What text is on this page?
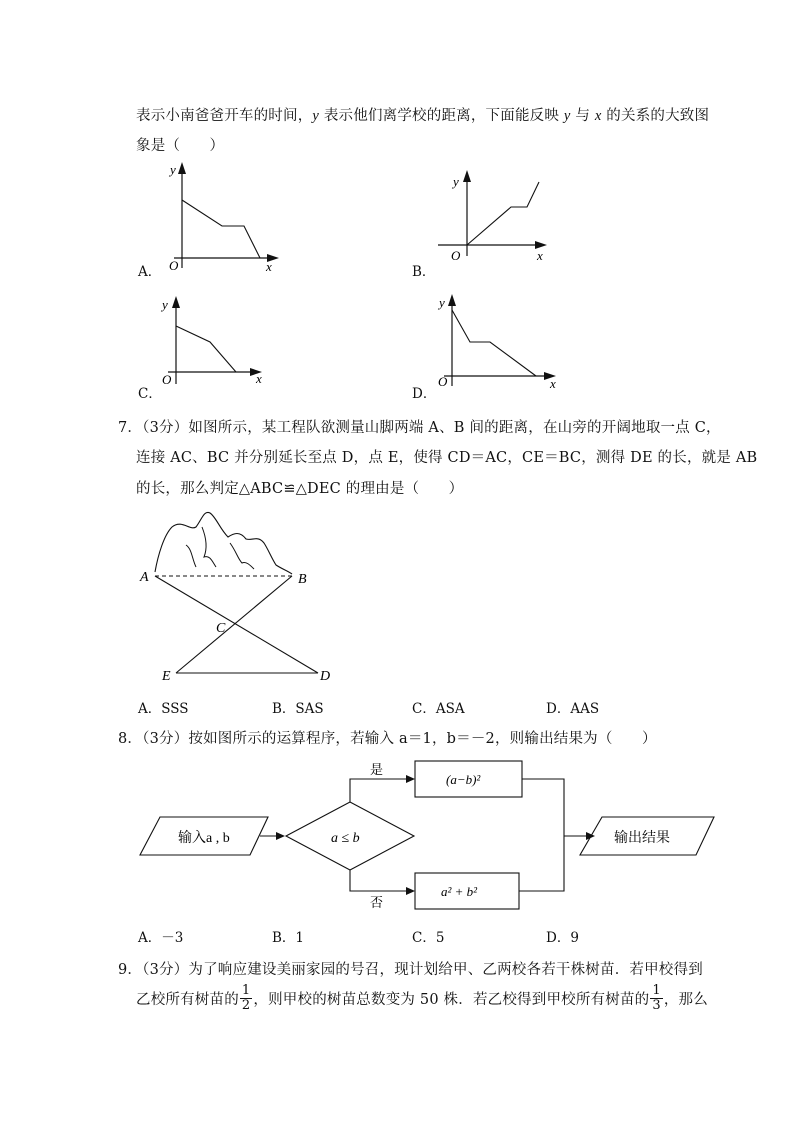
表示小南爸爸开车的时间，y 表示他们离学校的距离，下面能反映 y 与 x 的关系的大致图
象是（　　）
A．
y
O	x	B．
y
O	x
C．
y
O	x
D．
y
O	x
7．（3分）如图所示，某工程队欲测量山脚两端 A、B 间的距离，在山旁的开阔地取一点 C，
连接 AC、BC 并分别延长至点 D，点 E，使得 CD＝AC，CE＝BC，测得 DE 的长，就是 AB
的长，那么判定△ABC≌△DEC 的理由是（　　）
A	B
C
E	D
A．SSS	B．SAS	C．ASA	D．AAS
8．（3分）按如图所示的运算程序，若输入 a＝1，b＝－2，则输出结果为（　　）
输入a , b	a ≤ b
是
(a−b)²
否
a² + b²
输出结果
A．－3	B．1	C．5	D．9
9．（3分）为了响应建设美丽家园的号召，现计划给甲、乙两校各若干株树苗．若甲校得到
乙校所有树苗的 $\frac{1}{2}$ ，则甲校的树苗总数变为 50 株．若乙校得到甲校所有树苗的 $\frac{1}{3}$ ，那么
